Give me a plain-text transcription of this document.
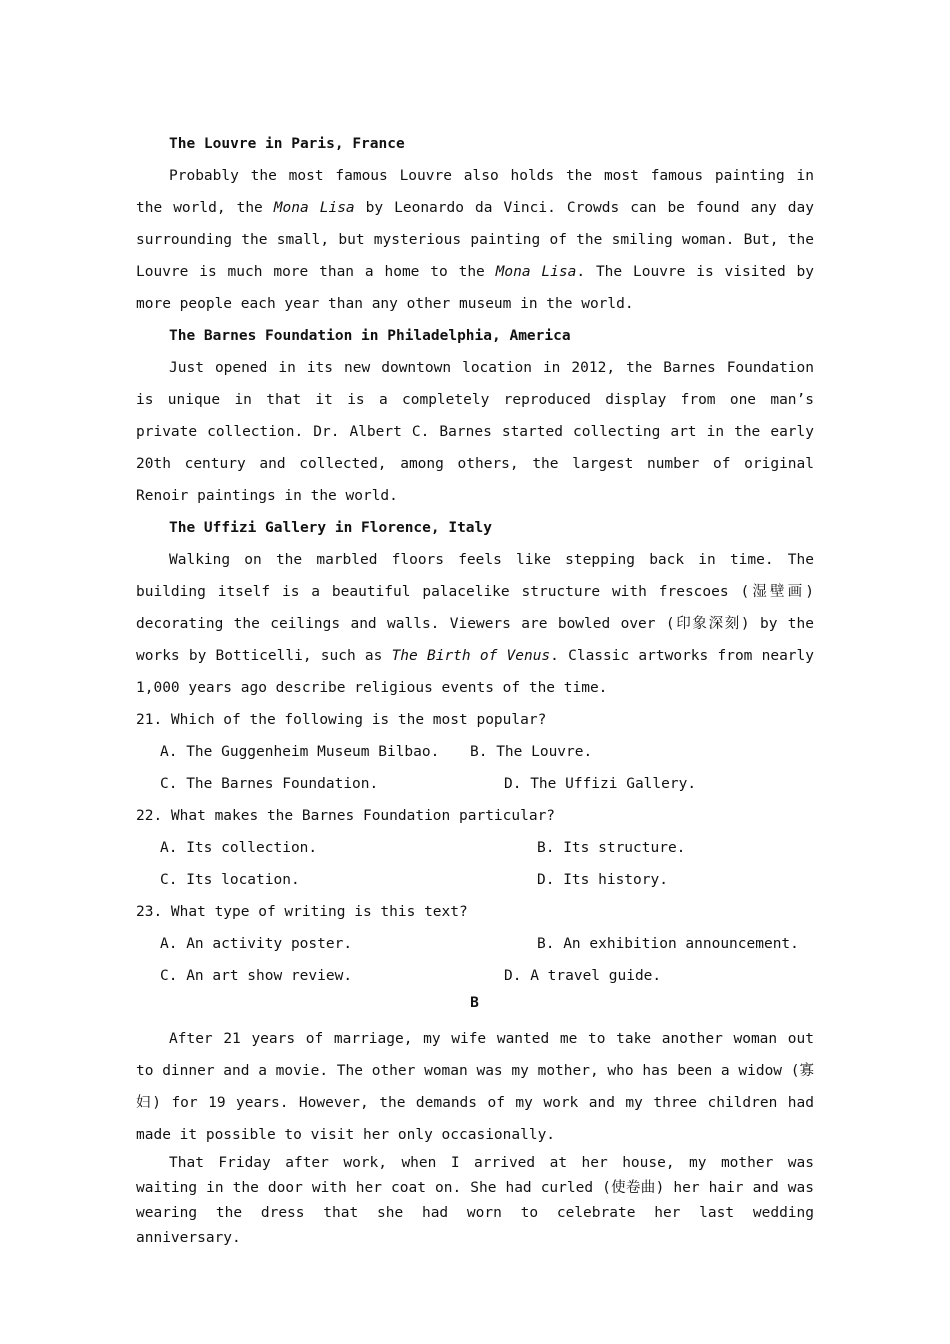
The Louvre in Paris, France

Probably the most famous Louvre also holds the most famous painting in the world, the Mona Lisa by Leonardo da Vinci. Crowds can be found any day surrounding the small, but mysterious painting of the smiling woman. But, the Louvre is much more than a home to the Mona Lisa. The Louvre is visited by more people each year than any other museum in the world.

The Barnes Foundation in Philadelphia, America

Just opened in its new downtown location in 2012, the Barnes Foundation is unique in that it is a completely reproduced display from one man’s private collection. Dr. Albert C. Barnes started collecting art in the early 20th century and collected, among others, the largest number of original Renoir paintings in the world.

The Uffizi Gallery in Florence, Italy

Walking on the marbled floors feels like stepping back in time. The building itself is a beautiful palacelike structure with frescoes (湿壁画) decorating the ceilings and walls. Viewers are bowled over (印象深刻) by the works by Botticelli, such as The Birth of Venus. Classic artworks from nearly 1,000 years ago describe religious events of the time.

21. Which of the following is the most popular?
A. The Guggenheim Museum Bilbao. B. The Louvre.
C. The Barnes Foundation.	D. The Uffizi Gallery.
22. What makes the Barnes Foundation particular?
A. Its collection.	B. Its structure.
C. Its location.	D. Its history.
23. What type of writing is this text?
A. An activity poster.	B. An exhibition announcement.
C. An art show review.	D. A travel guide.
B

After 21 years of marriage, my wife wanted me to take another woman out to dinner and a movie. The other woman was my mother, who has been a widow (寡妇) for 19 years. However, the demands of my work and my three children had made it possible to visit her only occasionally.

That Friday after work, when I arrived at her house, my mother was waiting in the door with her coat on. She had curled (使卷曲) her hair and was wearing the dress that she had worn to celebrate her last wedding anniversary.
